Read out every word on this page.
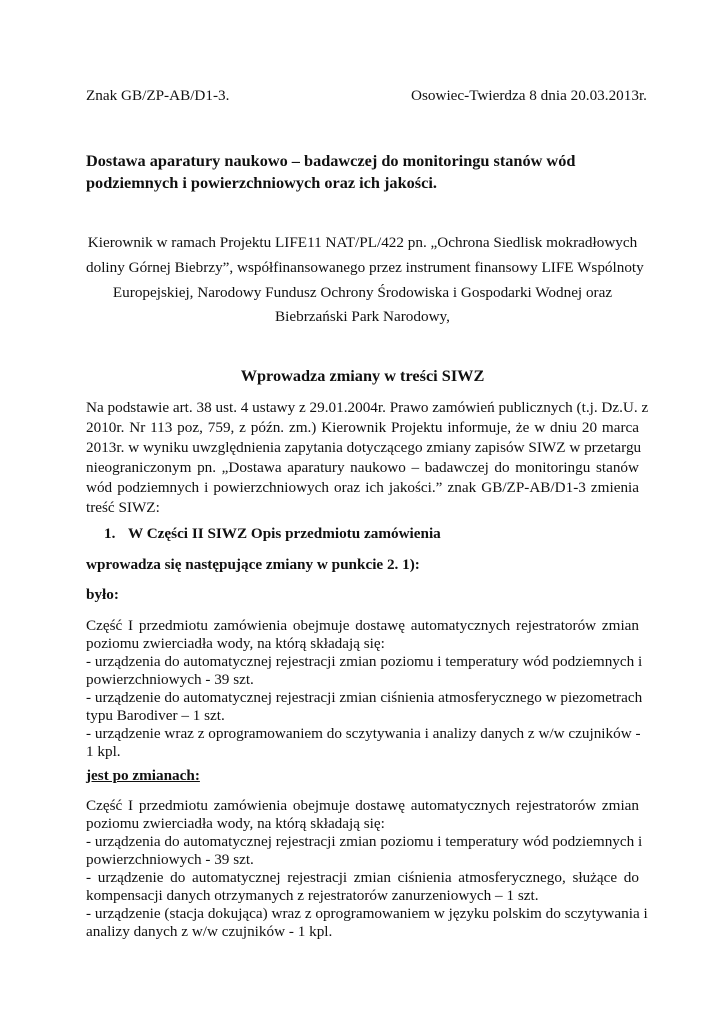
Znak GB/ZP-AB/D1-3.	Osowiec-Twierdza 8 dnia 20.03.2013r.
Dostawa aparatury naukowo – badawczej do monitoringu stanów wód
podziemnych i powierzchniowych oraz ich jakości.
Kierownik w ramach Projektu LIFE11 NAT/PL/422 pn. „Ochrona Siedlisk mokradłowych
doliny Górnej Biebrzy”, współfinansowanego przez instrument finansowy LIFE Wspólnoty
Europejskiej, Narodowy Fundusz Ochrony Środowiska i Gospodarki Wodnej oraz
Biebrzański Park Narodowy,
Wprowadza zmiany w treści SIWZ
Na podstawie art. 38 ust. 4 ustawy z 29.01.2004r. Prawo zamówień publicznych (t.j. Dz.U. z
2010r. Nr 113 poz, 759, z późn. zm.) Kierownik Projektu informuje, że w dniu 20 marca
2013r. w wyniku uwzględnienia zapytania dotyczącego zmiany zapisów SIWZ w przetargu
nieograniczonym pn. „Dostawa aparatury naukowo – badawczej do monitoringu stanów
wód podziemnych i powierzchniowych oraz ich jakości.” znak GB/ZP-AB/D1-3 zmienia
treść SIWZ:
1. W Części II SIWZ Opis przedmiotu zamówienia
wprowadza się następujące zmiany w punkcie 2. 1):
było:
Część I przedmiotu zamówienia obejmuje dostawę automatycznych rejestratorów zmian
poziomu zwierciadła wody, na którą składają się:
- urządzenia do automatycznej rejestracji zmian poziomu i temperatury wód podziemnych i
powierzchniowych - 39 szt.
- urządzenie do automatycznej rejestracji zmian ciśnienia atmosferycznego w piezometrach
typu Barodiver – 1 szt.
- urządzenie wraz z oprogramowaniem do sczytywania i analizy danych z w/w czujników -
1 kpl.
jest po zmianach:
Część I przedmiotu zamówienia obejmuje dostawę automatycznych rejestratorów zmian
poziomu zwierciadła wody, na którą składają się:
- urządzenia do automatycznej rejestracji zmian poziomu i temperatury wód podziemnych i
powierzchniowych - 39 szt.
- urządzenie do automatycznej rejestracji zmian ciśnienia atmosferycznego, służące do
kompensacji danych otrzymanych z rejestratorów zanurzeniowych – 1 szt.
- urządzenie (stacja dokująca) wraz z oprogramowaniem w języku polskim do sczytywania i
analizy danych z w/w czujników - 1 kpl.
